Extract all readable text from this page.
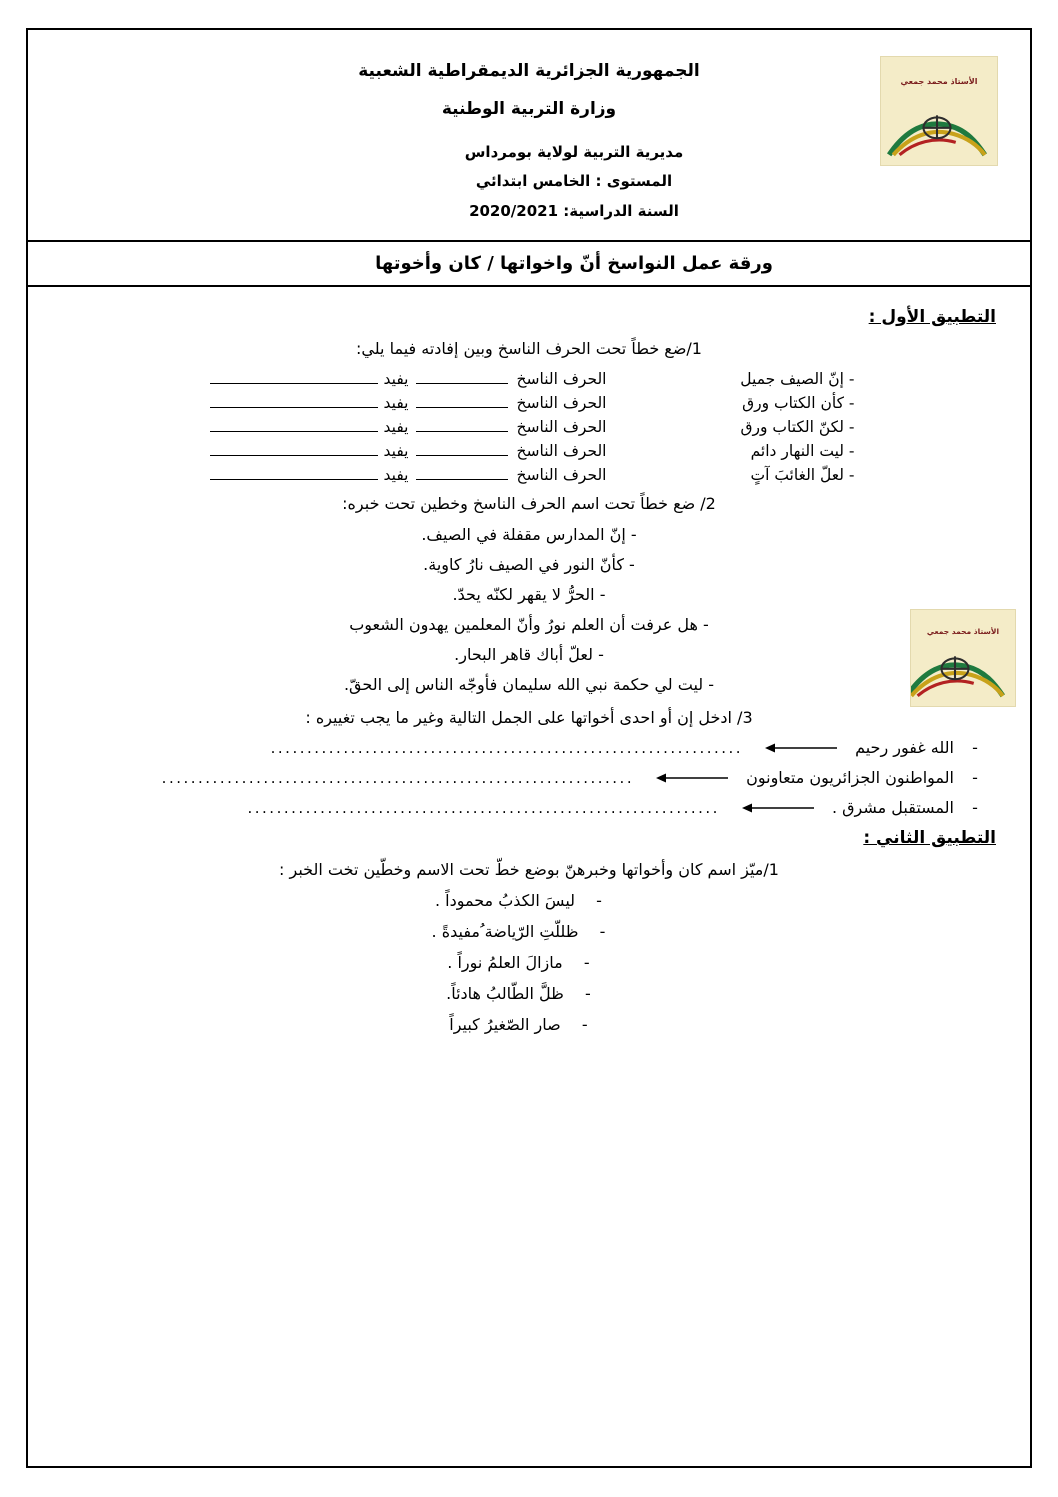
الأستاذ محمد جمعي
الجمهورية الجزائرية الديمقراطية الشعبية
وزارة التربية الوطنية
مديرية التربية لولاية بومرداس
المستوى : الخامس ابتدائي
السنة الدراسية: 2020/2021
ورقة عمل النواسخ أنّ واخواتها / كان وأخوتها
الأستاذ محمد جمعي
التطبيق الأول :
1/ضع خطاً تحت الحرف الناسخ وبين إفادته فيما يلي:
- إنّ الصيف جميل
الحرف الناسخ
يفيد
- كأن الكتاب ورق
الحرف الناسخ
يفيد
- لكنّ الكتاب ورق
الحرف الناسخ
يفيد
- ليت النهار دائم
الحرف الناسخ
يفيد
- لعلّ الغائبَ آتٍ
الحرف الناسخ
يفيد
2/ ضع خطاً تحت اسم الحرف الناسخ وخطين تحت خبره:
- إنّ المدارس مقفلة في الصيف.
- كأنّ النور في الصيف نارُ كاوية.
- الحرُّ لا يقهر لكنّه يحدّ.
- هل عرفت أن العلم نورُ وأنّ المعلمين يهدون الشعوب
- لعلّ أباك قاهر البحار.
- ليت لي حكمة نبي الله سليمان فأوجّه الناس إلى الحقّ.
3/ ادخل إن أو احدى أخواتها على الجمل التالية وغير ما يجب تغييره :
-
الله غفور رحيم
.................................................................
-
المواطنون الجزائريون متعاونون
.................................................................
-
المستقبل مشرق .
.................................................................
التطبيق الثاني :
1/ميّز اسم كان وأخواتها وخبرهنّ بوضع خطّ تحت الاسم وخطّين تخت الخبر :
-ليسَ الكذبُ محموداً .
-ظللّتِ الرّياضة ُمفيدةً .
-مازالَ العلمُ نوراً .
-ظلَّ الطّالبُ هادئاً.
-صار الصّغيرُ كبيراً
